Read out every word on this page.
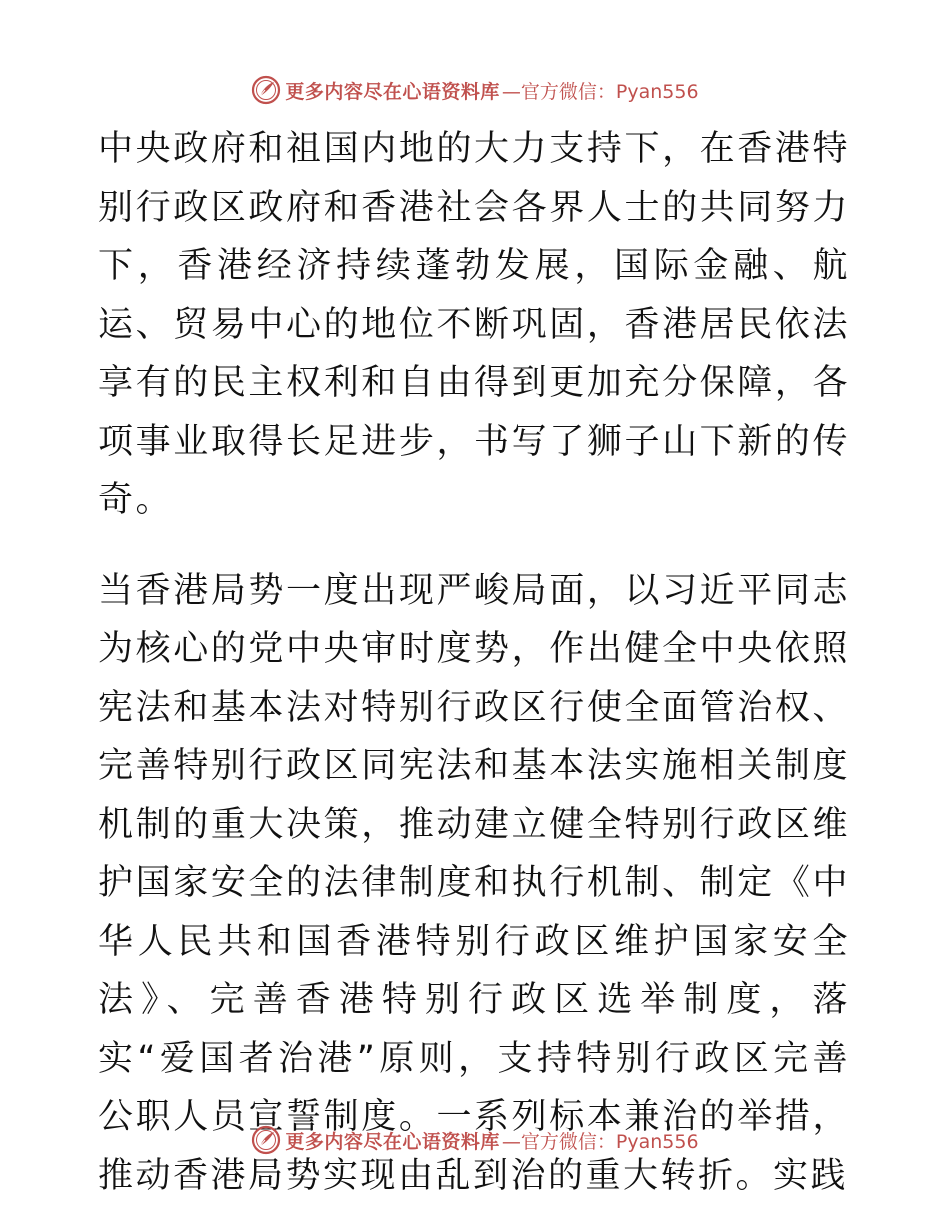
更多内容尽在心语资料库 —官方微信：Pyan556

中央政府和祖国内地的大力支持下，在香港特别行政区政府和香港社会各界人士的共同努力下，香港经济持续蓬勃发展，国际金融、航运、贸易中心的地位不断巩固，香港居民依法享有的民主权利和自由得到更加充分保障，各项事业取得长足进步，书写了狮子山下新的传奇。

当香港局势一度出现严峻局面，以习近平同志为核心的党中央审时度势，作出健全中央依照宪法和基本法对特别行政区行使全面管治权、完善特别行政区同宪法和基本法实施相关制度机制的重大决策，推动建立健全特别行政区维护国家安全的法律制度和执行机制、制定《中华人民共和国香港特别行政区维护国家安全法》、完善香港特别行政区选举制度，落实“爱国者治港”原则，支持特别行政区完善公职人员宣誓制度。一系列标本兼治的举措，推动香港局势实现由乱到治的重大转折。实践

更多内容尽在心语资料库 —官方微信：Pyan556
